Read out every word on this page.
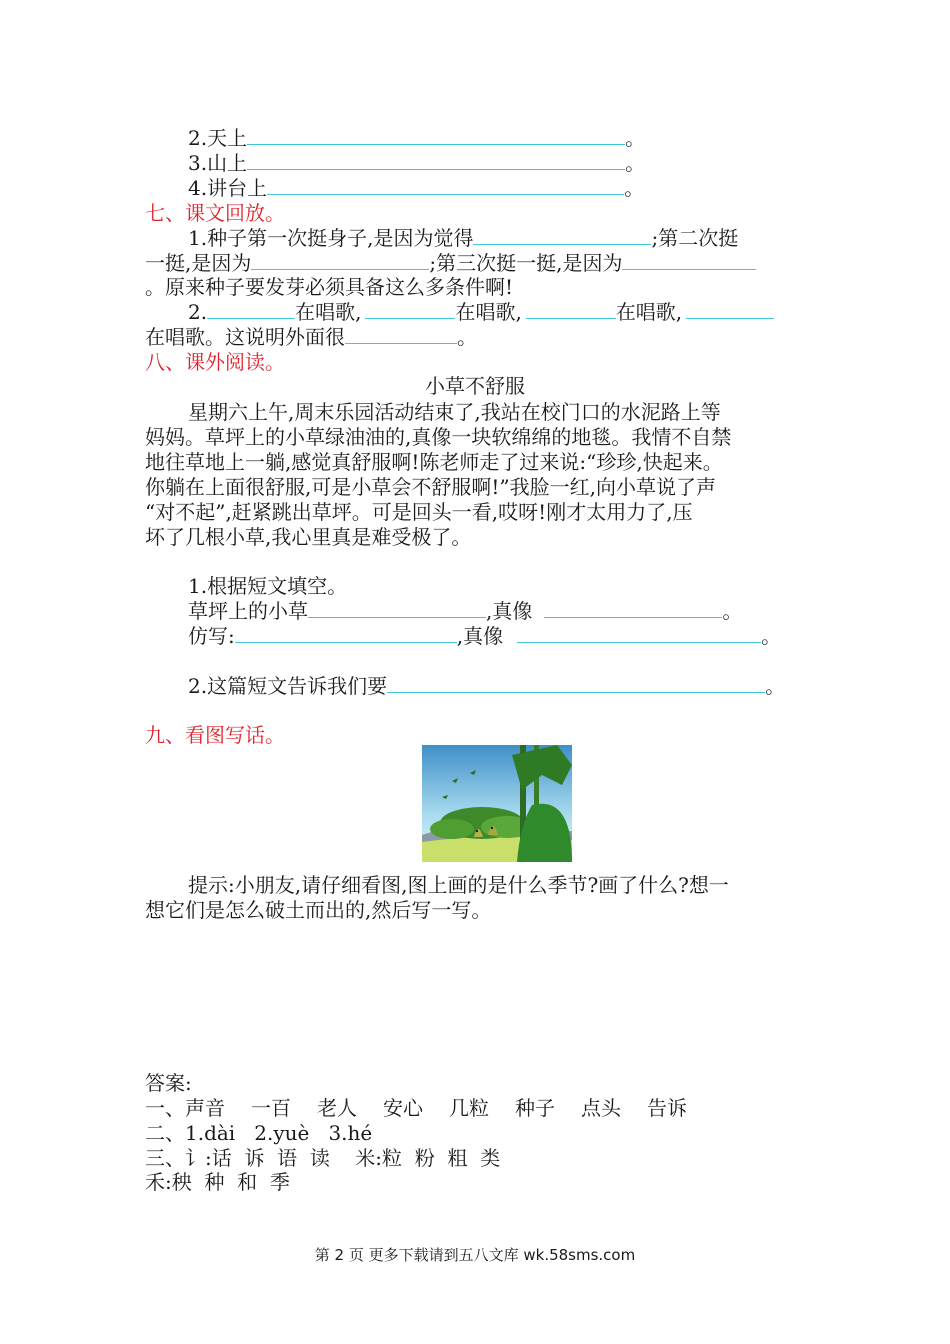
2.天上	。
3.山上	。
4.讲台上	。
七、课文回放。
1.种子第一次挺身子,是因为觉得	;第二次挺
一挺,是因为	;第三次挺一挺,是因为
。原来种子要发芽必须具备这么多条件啊!
2.	在唱歌,	在唱歌,	在唱歌,
在唱歌。这说明外面很	。
八、课外阅读。
小草不舒服
星期六上午,周末乐园活动结束了,我站在校门口的水泥路上等
妈妈。草坪上的小草绿油油的,真像一块软绵绵的地毯。我情不自禁
地往草地上一躺,感觉真舒服啊!陈老师走了过来说:“珍珍,快起来。
你躺在上面很舒服,可是小草会不舒服啊!”我脸一红,向小草说了声
“对不起”,赶紧跳出草坪。可是回头一看,哎呀!刚才太用力了,压
坏了几根小草,我心里真是难受极了。
1.根据短文填空。
草坪上的小草	,真像	。
仿写:	,真像	。
2.这篇短文告诉我们要	。
九、看图写话。
提示:小朋友,请仔细看图,图上画的是什么季节?画了什么?想一
想它们是怎么破土而出的,然后写一写。
答案:
一、声音 一百 老人 安心 几粒 种子 点头 告诉
二、1.dài   2.yuè   3.hé
三、讠:话  诉  语  读    米:粒  粉  粗  类
禾:秧  种  和  季
第 2 页 更多下载请到五八文库 wk.58sms.com
